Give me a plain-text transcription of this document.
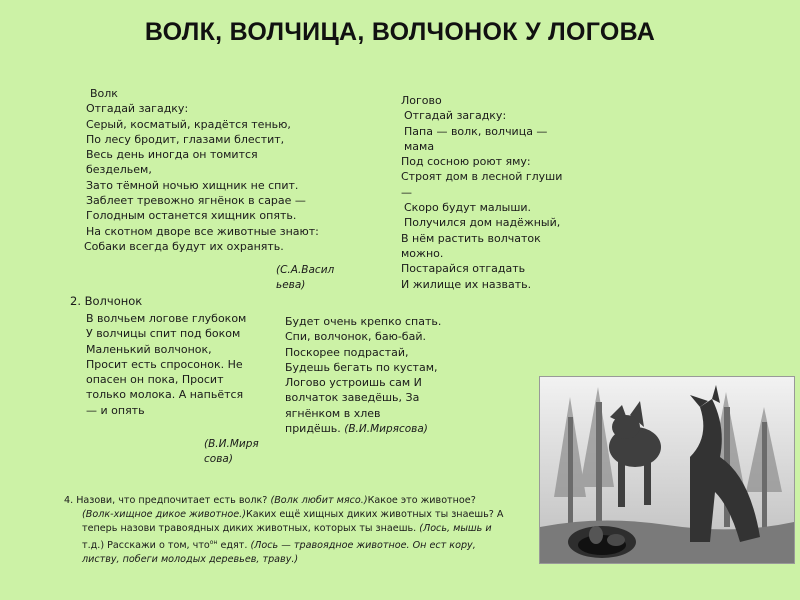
ВОЛК, ВОЛЧИЦА, ВОЛЧОНОК У ЛОГОВА
Волк
Отгадай загадку:
Серый, косматый, крадётся тенью,
По лесу бродит, глазами блестит,
Весь день иногда он томится
бездельем,
Зато тёмной ночью хищник не спит.
Заблеет тревожно ягнёнок в сарае —
Голодным останется хищник опять.
На скотном дворе все животные знают:
Собаки всегда будут их охранять.
(С.А.Васил
ьева)
Логово
Отгадай загадку:
Папа — волк, волчица —
мама
Под сосною роют яму:
Строят дом в лесной глуши
—
Скоро будут малыши.
Получился дом надёжный,
В нём растить волчаток
можно.
Постарайся отгадать
И жилище их назвать.
2. Волчонок
В волчьем логове глубоком
У волчицы спит под боком
Маленький волчонок,
Просит есть спросонок. Не
опасен он пока, Просит
только молока. А напьётся
— и опять
(В.И.Миря
сова)
Будет очень крепко спать.
Спи, волчонок, баю-бай.
Поскорее подрастай,
Будешь бегать по кустам,
Логово устроишь сам И
волчаток заведёшь, За
ягнёнком в хлев
придёшь. (В.И.Мирясова)
4. Назови, что предпочитает есть волк? (Волк любит мясо.)Какое это животное?
(Волк-хищное дикое животное.)Каких ещё хищных диких животных ты знаешь? А
теперь назови травоядных диких животных, которых ты знаешь. (Лось, мышь и
т.д.) Расскажи о том, что$^{он}$ едят. (Лось — травоядное животное. Он ест кору,
листву, побеги молодых деревьев, траву.)
